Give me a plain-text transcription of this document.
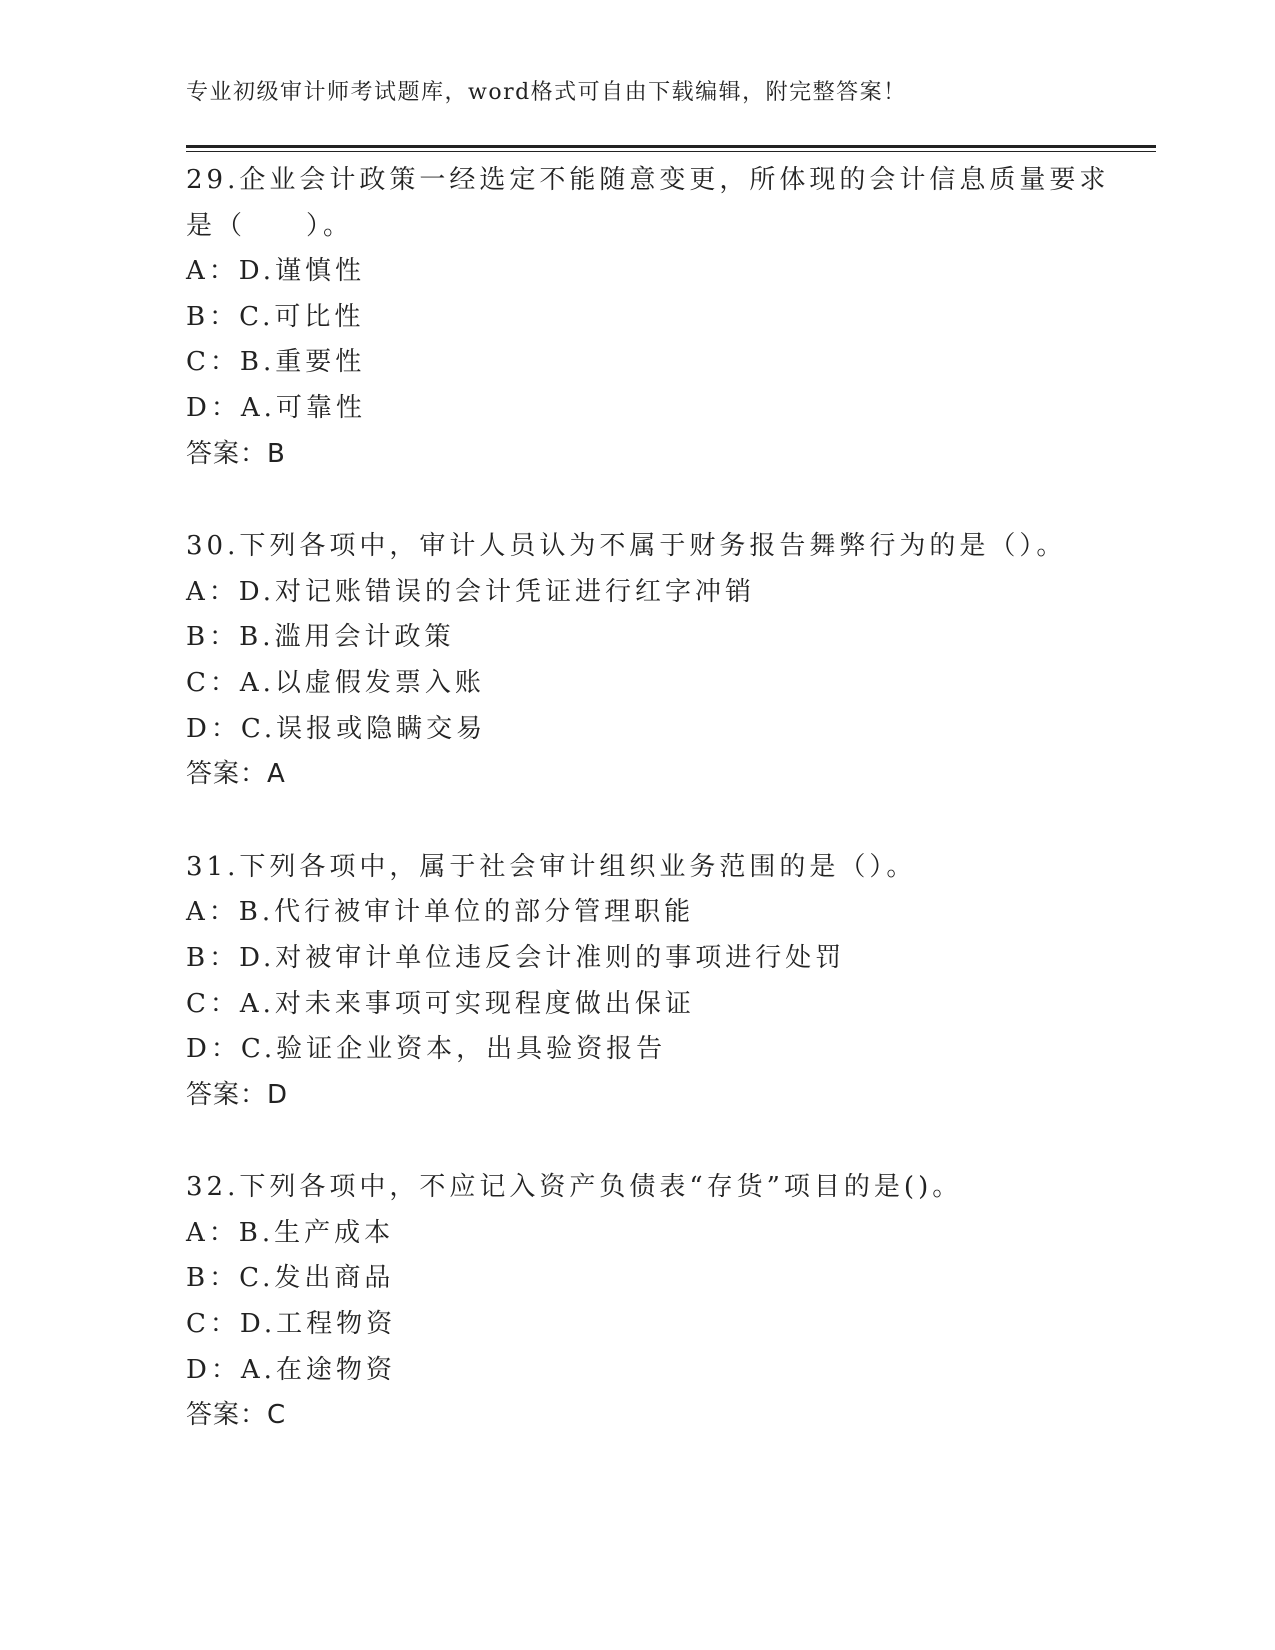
专业初级审计师考试题库，word格式可自由下载编辑，附完整答案！
29.企业会计政策一经选定不能随意变更，所体现的会计信息质量要求
是（　　）。
A：D.谨慎性
B：C.可比性
C：B.重要性
D：A.可靠性
答案：B
30.下列各项中，审计人员认为不属于财务报告舞弊行为的是（）。
A：D.对记账错误的会计凭证进行红字冲销
B：B.滥用会计政策
C：A.以虚假发票入账
D：C.误报或隐瞒交易
答案：A
31.下列各项中，属于社会审计组织业务范围的是（）。
A：B.代行被审计单位的部分管理职能
B：D.对被审计单位违反会计准则的事项进行处罚
C：A.对未来事项可实现程度做出保证
D：C.验证企业资本，出具验资报告
答案：D
32.下列各项中，不应记入资产负债表“存货”项目的是()。
A：B.生产成本
B：C.发出商品
C：D.工程物资
D：A.在途物资
答案：C
